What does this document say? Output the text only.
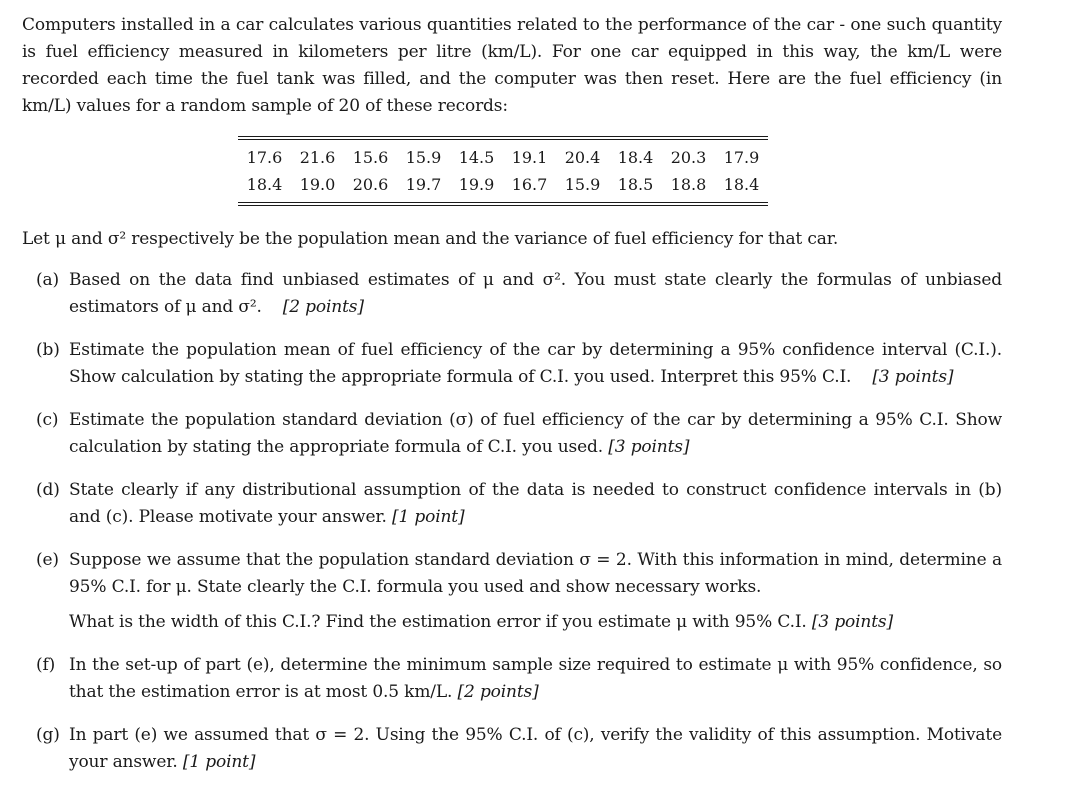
Computers installed in a car calculates various quantities related to the performance of the car - one such quantity is fuel efficiency measured in kilometers per litre (km/L). For one car equipped in this way, the km/L were recorded each time the fuel tank was filled, and the computer was then reset. Here are the fuel efficiency (in km/L) values for a random sample of 20 of these records:

17.6	21.6	15.6	15.9	14.5	19.1	20.4	18.4	20.3	17.9
18.4	19.0	20.6	19.7	19.9	16.7	15.9	18.5	18.8	18.4

Let μ and σ² respectively be the population mean and the variance of fuel efficiency for that car.

(a) Based on the data find unbiased estimates of μ and σ². You must state clearly the formulas of unbiased estimators of μ and σ². [2 points]
(b) Estimate the population mean of fuel efficiency of the car by determining a 95% confidence interval (C.I.). Show calculation by stating the appropriate formula of C.I. you used. Interpret this 95% C.I. [3 points]
(c) Estimate the population standard deviation (σ) of fuel efficiency of the car by determining a 95% C.I. Show calculation by stating the appropriate formula of C.I. you used. [3 points]
(d) State clearly if any distributional assumption of the data is needed to construct confidence intervals in (b) and (c). Please motivate your answer. [1 point]
(e) Suppose we assume that the population standard deviation σ = 2. With this information in mind, determine a 95% C.I. for μ. State clearly the C.I. formula you used and show necessary works.
What is the width of this C.I.? Find the estimation error if you estimate μ with 95% C.I. [3 points]
(f) In the set-up of part (e), determine the minimum sample size required to estimate μ with 95% confidence, so that the estimation error is at most 0.5 km/L. [2 points]
(g) In part (e) we assumed that σ = 2. Using the 95% C.I. of (c), verify the validity of this assumption. Motivate your answer. [1 point]
